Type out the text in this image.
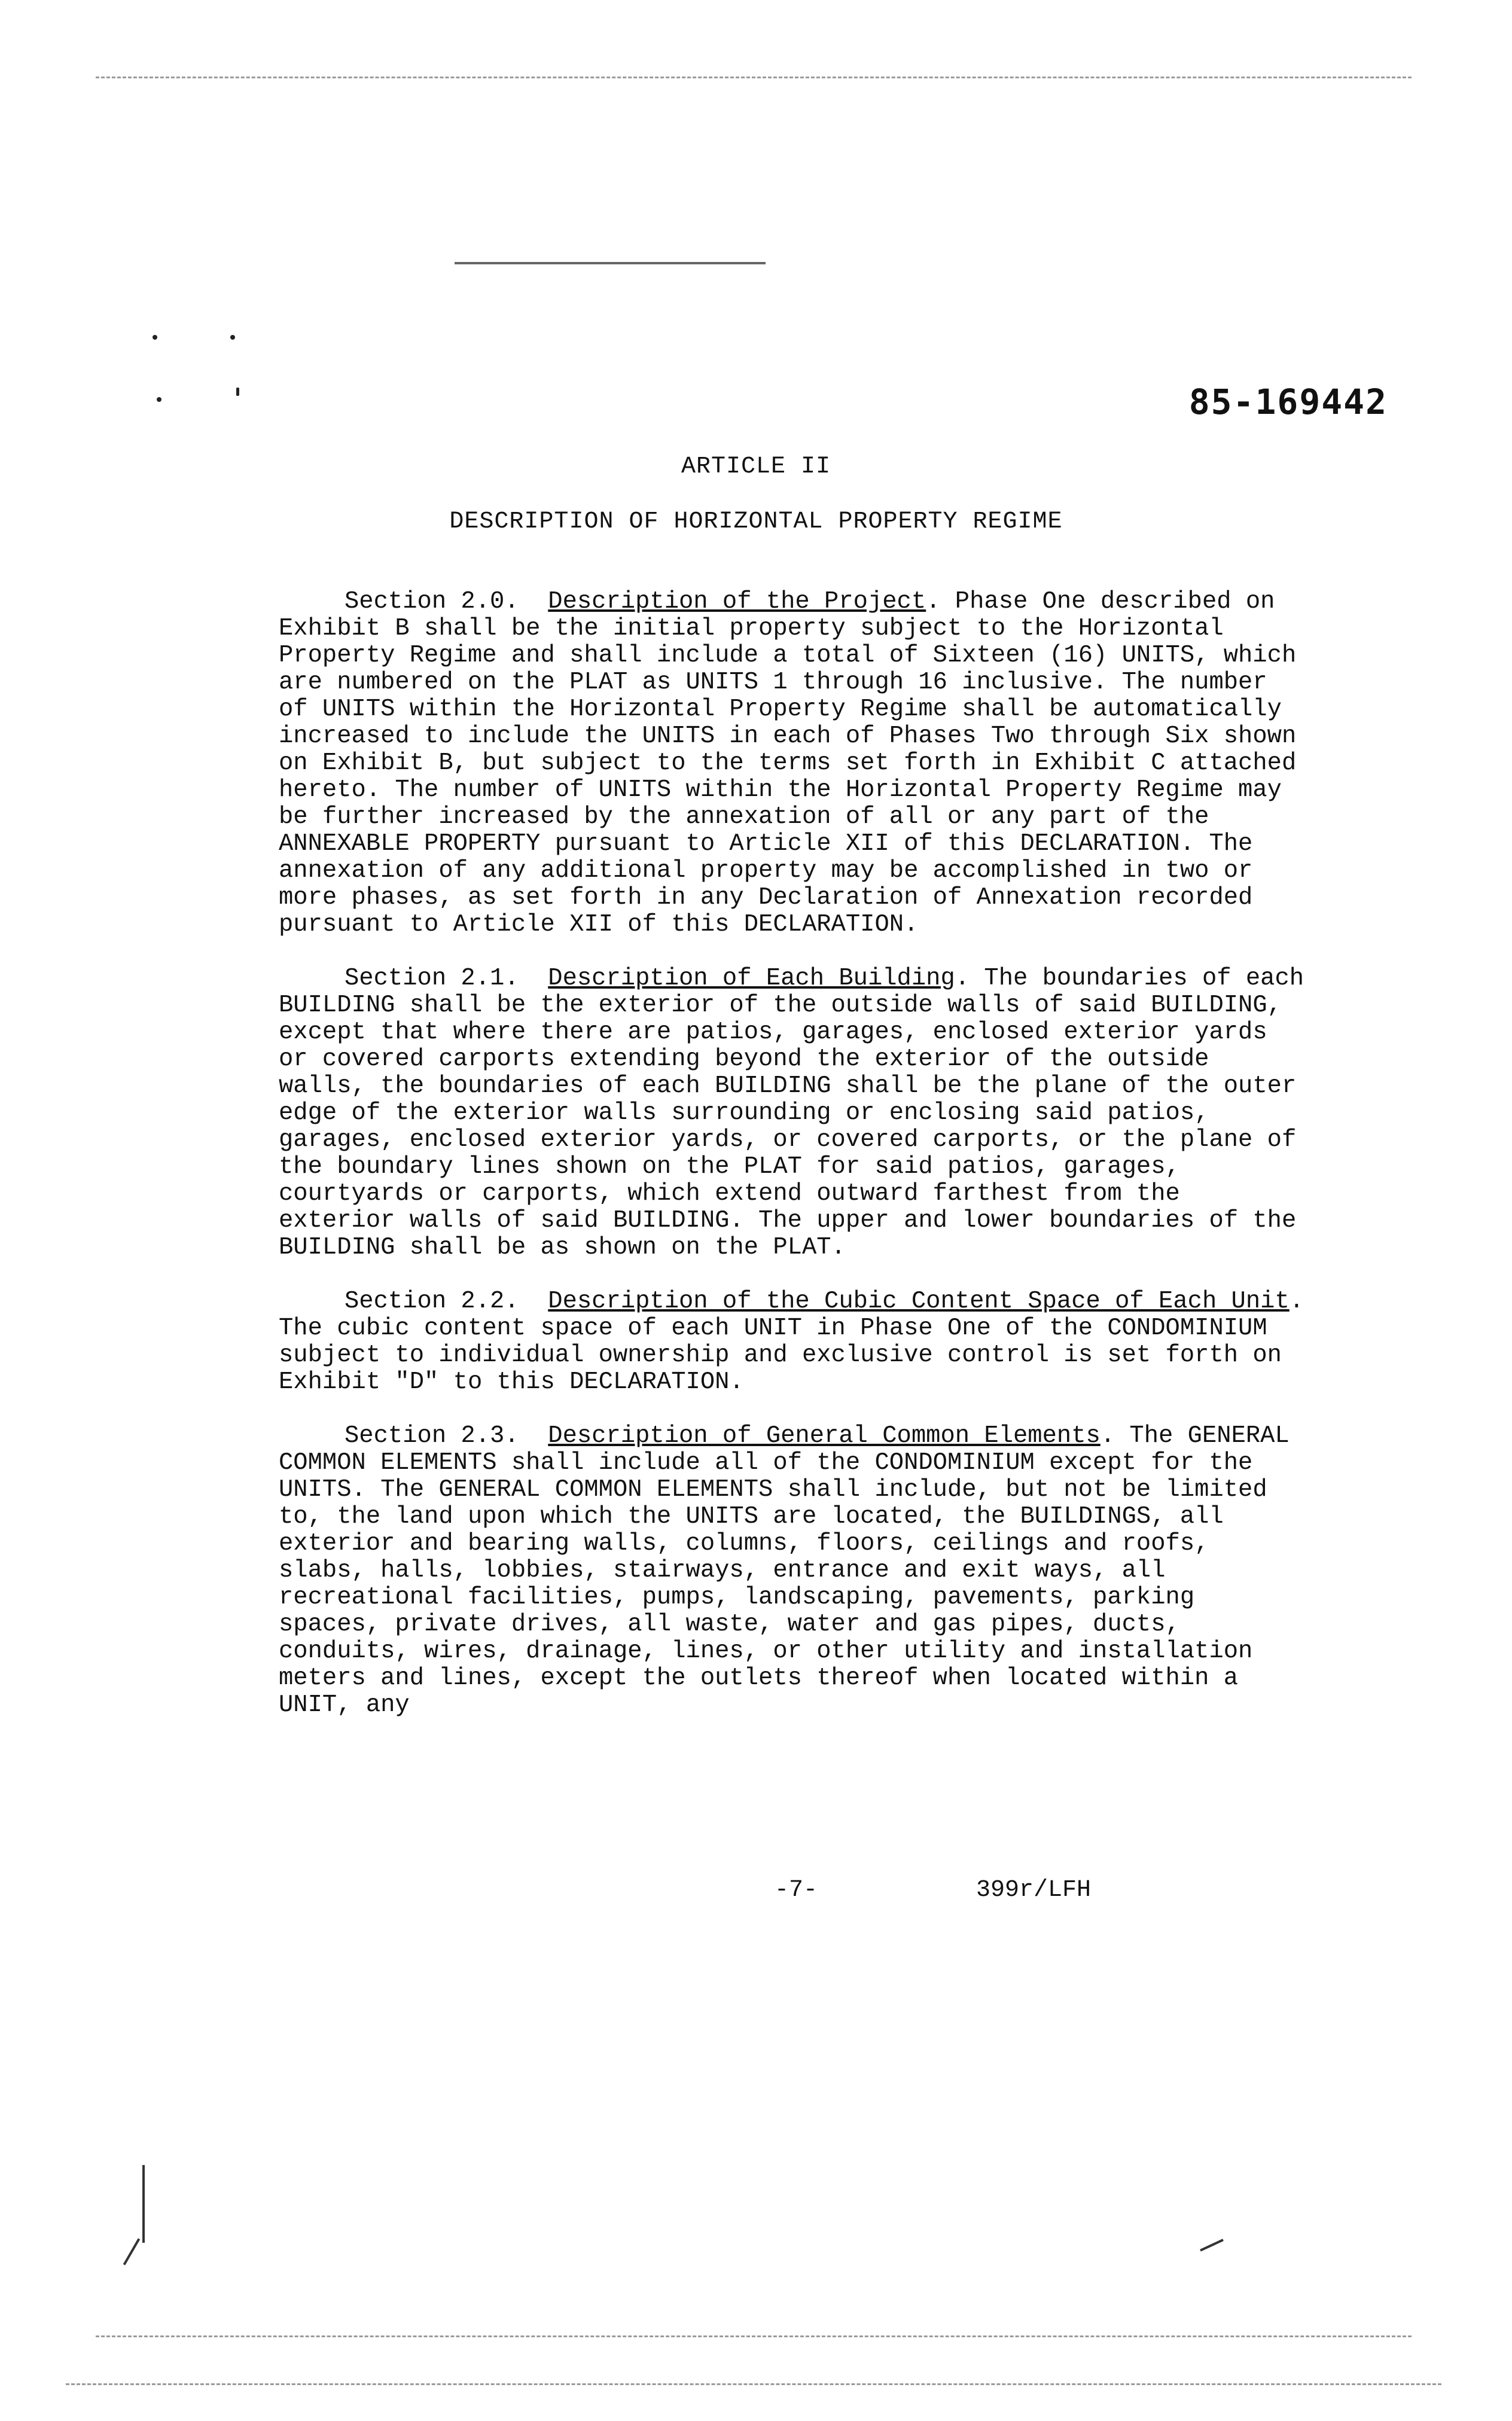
85-169442
ARTICLE II
DESCRIPTION OF HORIZONTAL PROPERTY REGIME

Section 2.0. Description of the Project. Phase One described on Exhibit B shall be the initial property subject to the Horizontal Property Regime and shall include a total of Sixteen (16) UNITS, which are numbered on the PLAT as UNITS 1 through 16 inclusive. The number of UNITS within the Horizontal Property Regime shall be automatically increased to include the UNITS in each of Phases Two through Six shown on Exhibit B, but subject to the terms set forth in Exhibit C attached hereto. The number of UNITS within the Horizontal Property Regime may be further increased by the annexation of all or any part of the ANNEXABLE PROPERTY pursuant to Article XII of this DECLARATION. The annexation of any additional property may be accomplished in two or more phases, as set forth in any Declaration of Annexation recorded pursuant to Article XII of this DECLARATION.

Section 2.1. Description of Each Building. The boundaries of each BUILDING shall be the exterior of the outside walls of said BUILDING, except that where there are patios, garages, enclosed exterior yards or covered carports extending beyond the exterior of the outside walls, the boundaries of each BUILDING shall be the plane of the outer edge of the exterior walls surrounding or enclosing said patios, garages, enclosed exterior yards, or covered carports, or the plane of the boundary lines shown on the PLAT for said patios, garages, courtyards or carports, which extend outward farthest from the exterior walls of said BUILDING. The upper and lower boundaries of the BUILDING shall be as shown on the PLAT.

Section 2.2. Description of the Cubic Content Space of Each Unit. The cubic content space of each UNIT in Phase One of the CONDOMINIUM subject to individual ownership and exclusive control is set forth on Exhibit "D" to this DECLARATION.

Section 2.3. Description of General Common Elements. The GENERAL COMMON ELEMENTS shall include all of the CONDOMINIUM except for the UNITS. The GENERAL COMMON ELEMENTS shall include, but not be limited to, the land upon which the UNITS are located, the BUILDINGS, all exterior and bearing walls, columns, floors, ceilings and roofs, slabs, halls, lobbies, stairways, entrance and exit ways, all recreational facilities, pumps, landscaping, pavements, parking spaces, private drives, all waste, water and gas pipes, ducts, conduits, wires, drainage, lines, or other utility and installation meters and lines, except the outlets thereof when located within a UNIT, any

-7-	399r/LFH
